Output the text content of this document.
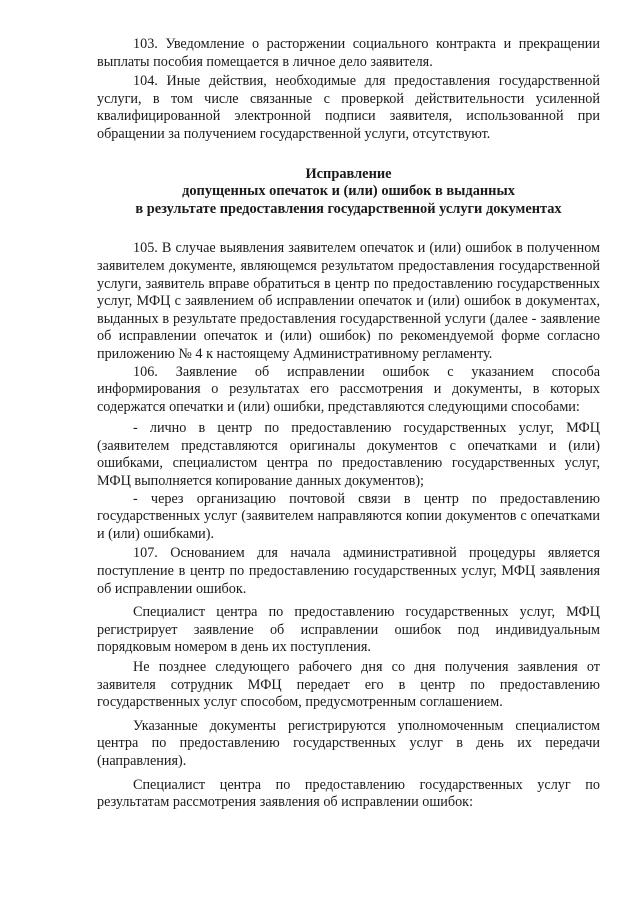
103. Уведомление о расторжении социального контракта и прекращении выплаты пособия помещается в личное дело заявителя.

104. Иные действия, необходимые для предоставления государственной услуги, в том числе связанные с проверкой действительности усиленной квалифицированной электронной подписи заявителя, использованной при обращении за получением государственной услуги, отсутствуют.

Исправление
допущенных опечаток и (или) ошибок в выданных
в результате предоставления государственной услуги документах

105. В случае выявления заявителем опечаток и (или) ошибок в полученном заявителем документе, являющемся результатом предоставления государственной услуги, заявитель вправе обратиться в центр по предоставлению государственных услуг, МФЦ с заявлением об исправлении опечаток и (или) ошибок в документах, выданных в результате предоставления государственной услуги (далее - заявление об исправлении опечаток и (или) ошибок) по рекомендуемой форме согласно приложению № 4 к настоящему Административному регламенту.

106. Заявление об исправлении ошибок с указанием способа информирования о результатах его рассмотрения и документы, в которых содержатся опечатки и (или) ошибки, представляются следующими способами:

- лично в центр по предоставлению государственных услуг, МФЦ (заявителем представляются оригиналы документов с опечатками и (или) ошибками, специалистом центра по предоставлению государственных услуг, МФЦ выполняется копирование данных документов);

- через организацию почтовой связи в центр по предоставлению государственных услуг (заявителем направляются копии документов с опечатками и (или) ошибками).

107. Основанием для начала административной процедуры является поступление в центр по предоставлению государственных услуг, МФЦ заявления об исправлении ошибок.

Специалист центра по предоставлению государственных услуг, МФЦ регистрирует заявление об исправлении ошибок под индивидуальным порядковым номером в день их поступления.

Не позднее следующего рабочего дня со дня получения заявления от заявителя сотрудник МФЦ передает его в центр по предоставлению государственных услуг способом, предусмотренным соглашением.

Указанные документы регистрируются уполномоченным специалистом центра по предоставлению государственных услуг в день их передачи (направления).

Специалист центра по предоставлению государственных услуг по результатам рассмотрения заявления об исправлении ошибок:
